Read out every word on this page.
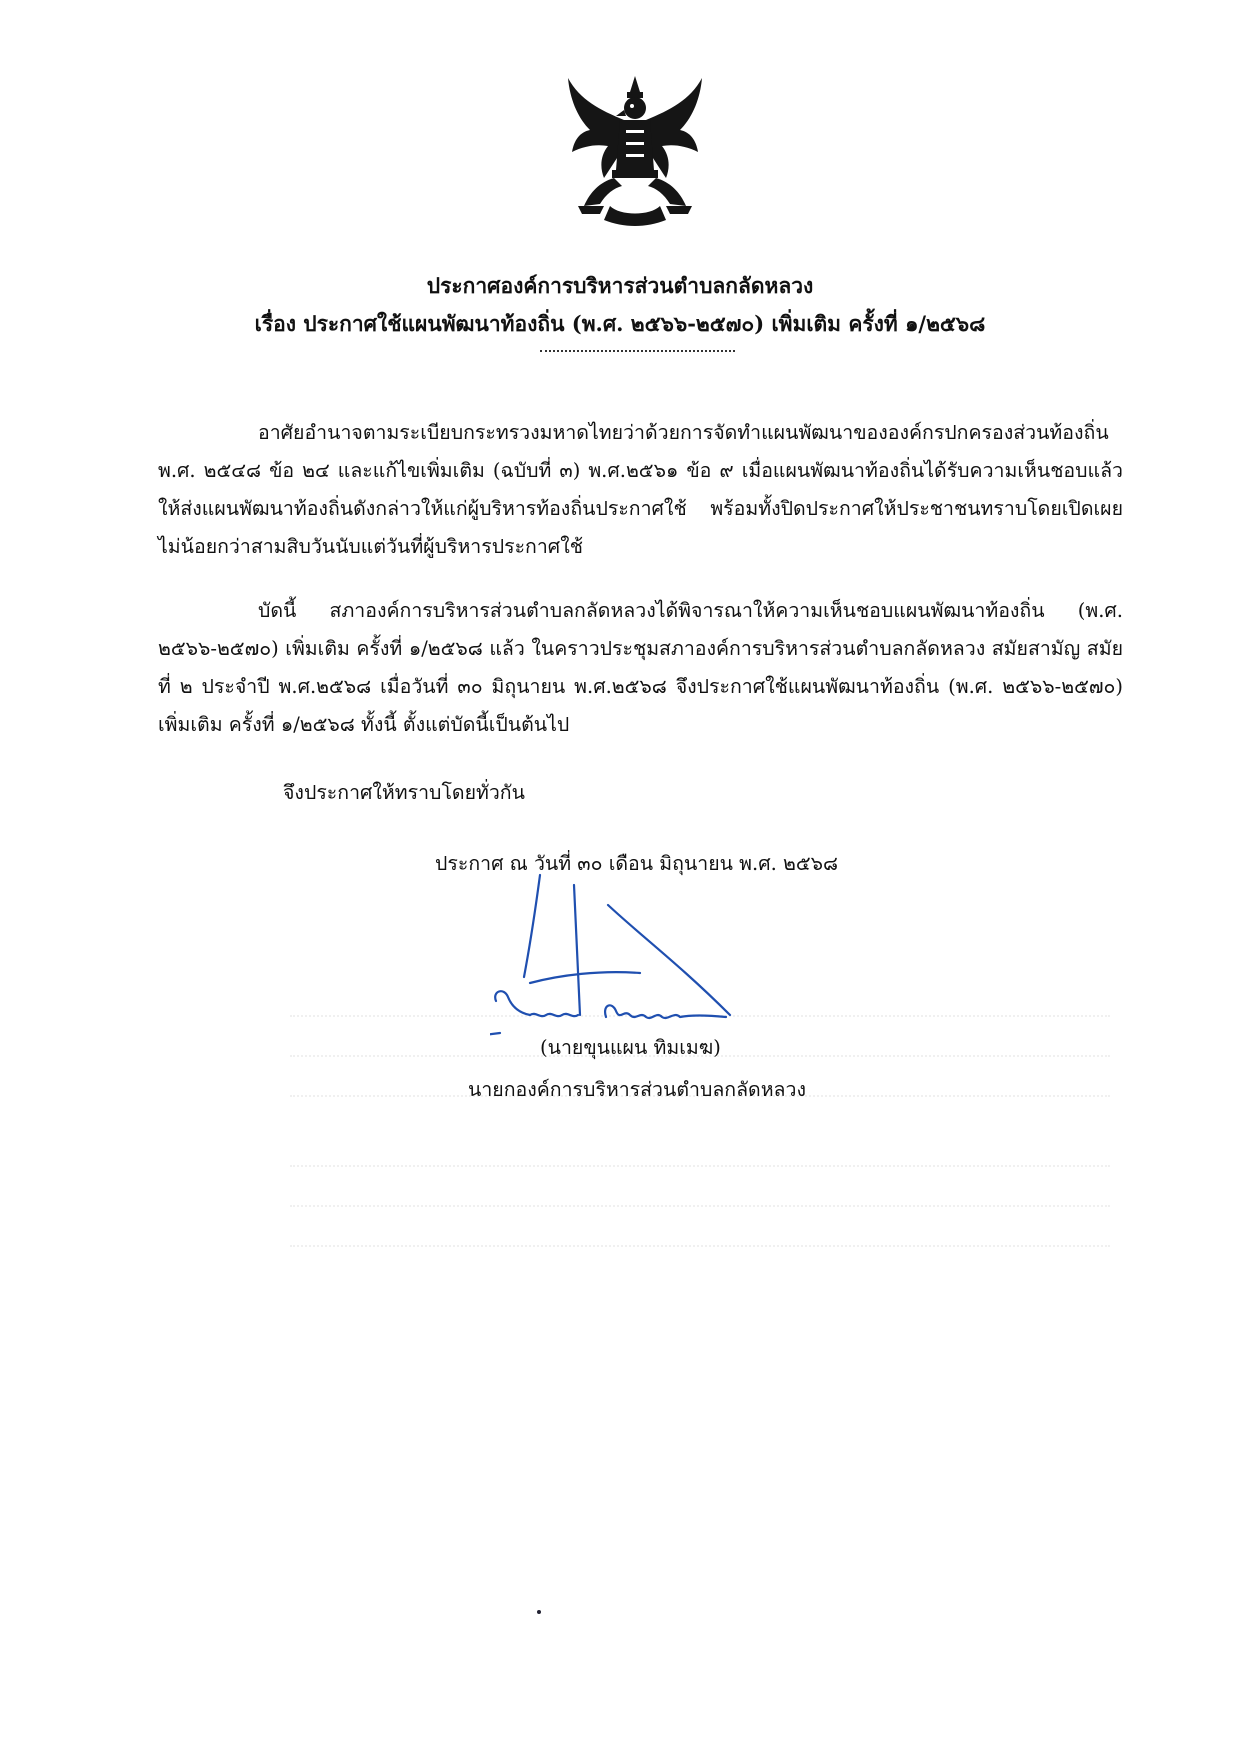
ประกาศองค์การบริหารส่วนตำบลกลัดหลวง
เรื่อง ประกาศใช้แผนพัฒนาท้องถิ่น (พ.ศ. ๒๕๖๖-๒๕๗๐) เพิ่มเติม ครั้งที่ ๑/๒๕๖๘

อาศัยอำนาจตามระเบียบกระทรวงมหาดไทยว่าด้วยการจัดทำแผนพัฒนาขององค์กรปกครองส่วนท้องถิ่น พ.ศ. ๒๕๔๘ ข้อ ๒๔ และแก้ไขเพิ่มเติม (ฉบับที่ ๓) พ.ศ.๒๕๖๑ ข้อ ๙ เมื่อแผนพัฒนาท้องถิ่นได้รับความเห็นชอบแล้ว ให้ส่งแผนพัฒนาท้องถิ่นดังกล่าวให้แก่ผู้บริหารท้องถิ่นประกาศใช้ พร้อมทั้งปิดประกาศให้ประชาชนทราบโดยเปิดเผยไม่น้อยกว่าสามสิบวันนับแต่วันที่ผู้บริหารประกาศใช้

บัดนี้ สภาองค์การบริหารส่วนตำบลกลัดหลวงได้พิจารณาให้ความเห็นชอบแผนพัฒนาท้องถิ่น (พ.ศ. ๒๕๖๖-๒๕๗๐) เพิ่มเติม ครั้งที่ ๑/๒๕๖๘ แล้ว ในคราวประชุมสภาองค์การบริหารส่วนตำบลกลัดหลวง สมัยสามัญ สมัยที่ ๒ ประจำปี พ.ศ.๒๕๖๘ เมื่อวันที่ ๓๐ มิถุนายน พ.ศ.๒๕๖๘ จึงประกาศใช้แผนพัฒนาท้องถิ่น (พ.ศ. ๒๕๖๖-๒๕๗๐) เพิ่มเติม ครั้งที่ ๑/๒๕๖๘ ทั้งนี้ ตั้งแต่บัดนี้เป็นต้นไป

จึงประกาศให้ทราบโดยทั่วกัน

ประกาศ ณ วันที่ ๓๐ เดือน มิถุนายน พ.ศ. ๒๕๖๘

(นายขุนแผน ทิมเมฆ)

นายกองค์การบริหารส่วนตำบลกลัดหลวง
